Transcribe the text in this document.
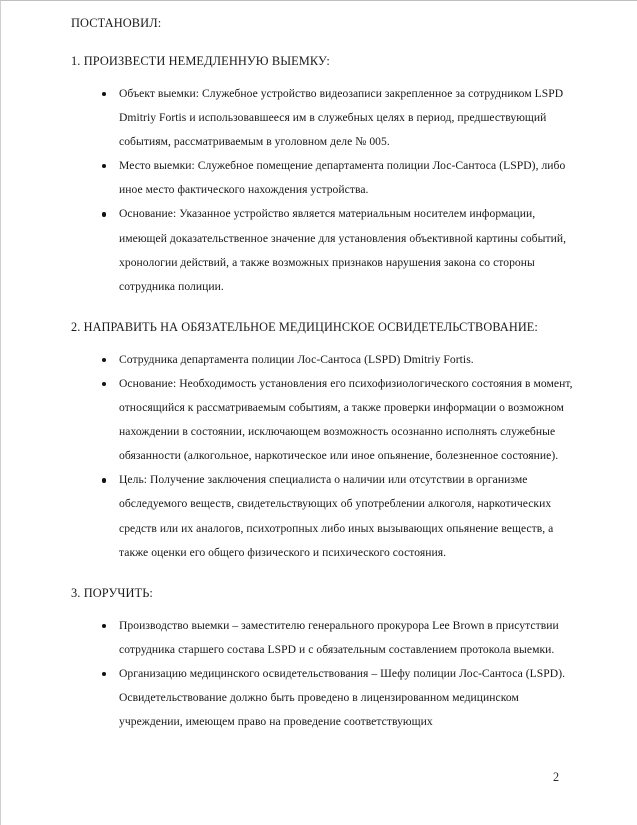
ПОСТАНОВИЛ:
1. ПРОИЗВЕСТИ НЕМЕДЛЕННУЮ ВЫЕМКУ:
Объект выемки: Служебное устройство видеозаписи закрепленное за сотрудником LSPD Dmitriy Fortis и использовавшееся им в служебных целях в период, предшествующий событиям, рассматриваемым в уголовном деле № 005.
Место выемки: Служебное помещение департамента полиции Лос-Сантоса (LSPD), либо иное место фактического нахождения устройства.
Основание: Указанное устройство является материальным носителем информации, имеющей доказательственное значение для установления объективной картины событий, хронологии действий, а также возможных признаков нарушения закона со стороны сотрудника полиции.
2. НАПРАВИТЬ НА ОБЯЗАТЕЛЬНОЕ МЕДИЦИНСКОЕ ОСВИДЕТЕЛЬСТВОВАНИЕ:
Сотрудника департамента полиции Лос-Сантоса (LSPD) Dmitriy Fortis.
Основание: Необходимость установления его психофизиологического состояния в момент, относящийся к рассматриваемым событиям, а также проверки информации о возможном нахождении в состоянии, исключающем возможность осознанно исполнять служебные обязанности (алкогольное, наркотическое или иное опьянение, болезненное состояние).
Цель: Получение заключения специалиста о наличии или отсутствии в организме обследуемого веществ, свидетельствующих об употреблении алкоголя, наркотических средств или их аналогов, психотропных либо иных вызывающих опьянение веществ, а также оценки его общего физического и психического состояния.
3. ПОРУЧИТЬ:
Производство выемки – заместителю генерального прокурора Lee Brown в присутствии сотрудника старшего состава LSPD и с обязательным составлением протокола выемки.
Организацию медицинского освидетельствования – Шефу полиции Лос-Сантоса (LSPD). Освидетельствование должно быть проведено в лицензированном медицинском учреждении, имеющем право на проведение соответствующих
2
